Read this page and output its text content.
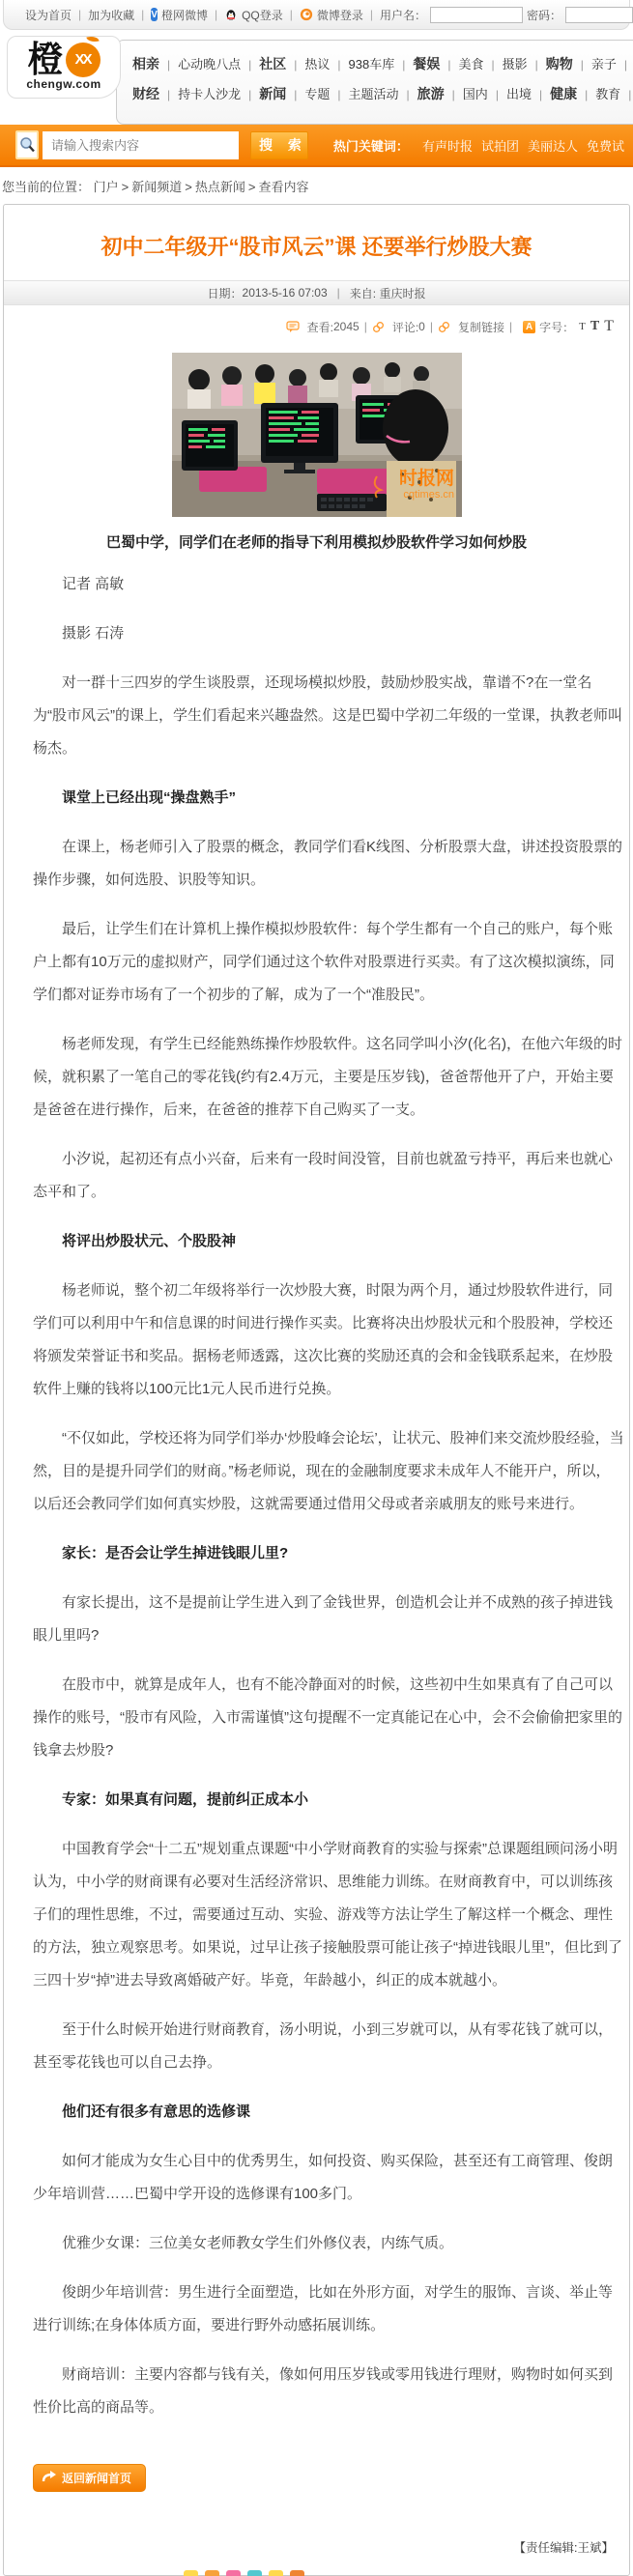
设为首页 | 加为收藏 | V 橙网微博 | QQ登录 | 微博登录 | 用户名：	密码：
橙
XX
chengw.com
相亲 | 心动晚八点 | 社区 | 热议 | 938车库 | 餐娱 | 美食 | 摄影 | 购物 | 亲子 |
财经 | 持卡人沙龙 | 新闻 | 专题 | 主题活动 | 旅游 | 国内 | 出境 | 健康 | 教育 |
请输入搜索内容
搜 索 热门关键词： 有声时报 试拍团 美丽达人 免费试
您当前的位置： 门户 > 新闻频道 > 热点新闻 > 查看内容
初中二年级开“股市风云”课 还要举行炒股大赛
日期： 2013-5-16 07:03 | 来自:
重庆时报
查看: 2045 | 评论: 0 | 复制链接 | A 字号： T T T
时报网
cqtimes.cn

巴蜀中学，同学们在老师的指导下利用模拟炒股软件学习如何炒股

记者 高敏

摄影 石涛

对一群十三四岁的学生谈股票，还现场模拟炒股，鼓励炒股实战，靠谱不?在一堂名为“股市风云”的课上，学生们看起来兴趣盎然。这是巴蜀中学初二年级的一堂课，执教老师叫杨杰。

课堂上已经出现“操盘熟手”

在课上，杨老师引入了股票的概念，教同学们看K线图、分析股票大盘，讲述投资股票的操作步骤，如何选股、识股等知识。

最后，让学生们在计算机上操作模拟炒股软件：每个学生都有一个自己的账户，每个账户上都有10万元的虚拟财产，同学们通过这个软件对股票进行买卖。有了这次模拟演练，同学们都对证券市场有了一个初步的了解，成为了一个“准股民”。

杨老师发现，有学生已经能熟练操作炒股软件。这名同学叫小汐(化名)，在他六年级的时候，就积累了一笔自己的零花钱(约有2.4万元，主要是压岁钱)，爸爸帮他开了户，开始主要是爸爸在进行操作，后来，在爸爸的推荐下自己购买了一支。

小汐说，起初还有点小兴奋，后来有一段时间没管，目前也就盈亏持平，再后来也就心态平和了。

将评出炒股状元、个股股神

杨老师说，整个初二年级将举行一次炒股大赛，时限为两个月，通过炒股软件进行，同学们可以利用中午和信息课的时间进行操作买卖。比赛将决出炒股状元和个股股神，学校还将颁发荣誉证书和奖品。据杨老师透露，这次比赛的奖励还真的会和金钱联系起来，在炒股软件上赚的钱将以100元比1元人民币进行兑换。

“不仅如此，学校还将为同学们举办‘炒股峰会论坛’，让状元、股神们来交流炒股经验，当然，目的是提升同学们的财商。”杨老师说，现在的金融制度要求未成年人不能开户，所以，以后还会教同学们如何真实炒股，这就需要通过借用父母或者亲戚朋友的账号来进行。

家长：是否会让学生掉进钱眼儿里?

有家长提出，这不是提前让学生进入到了金钱世界，创造机会让并不成熟的孩子掉进钱眼儿里吗?

在股市中，就算是成年人，也有不能冷静面对的时候，这些初中生如果真有了自己可以操作的账号，“股市有风险，入市需谨慎”这句提醒不一定真能记在心中，会不会偷偷把家里的钱拿去炒股?

专家：如果真有问题，提前纠正成本小

中国教育学会“十二五”规划重点课题“中小学财商教育的实验与探索”总课题组顾问汤小明认为，中小学的财商课有必要对生活经济常识、思维能力训练。在财商教育中，可以训练孩子们的理性思维，不过，需要通过互动、实验、游戏等方法让学生了解这样一个概念、理性的方法，独立观察思考。如果说，过早让孩子接触股票可能让孩子“掉进钱眼儿里”，但比到了三四十岁“掉”进去导致离婚破产好。毕竟，年龄越小，纠正的成本就越小。

至于什么时候开始进行财商教育，汤小明说，小到三岁就可以，从有零花钱了就可以，甚至零花钱也可以自己去挣。

他们还有很多有意思的选修课

如何才能成为女生心目中的优秀男生，如何投资、购买保险，甚至还有工商管理、俊朗少年培训营……巴蜀中学开设的选修课有100多门。

优雅少女课：三位美女老师教女学生们外修仪表，内练气质。

俊朗少年培训营：男生进行全面塑造，比如在外形方面，对学生的服饰、言谈、举止等进行训练;在身体体质方面，要进行野外动感拓展训练。

财商培训：主要内容都与钱有关，像如何用压岁钱或零用钱进行理财，购物时如何买到性价比高的商品等。

返回新闻首页
【责任编辑:王斌】
